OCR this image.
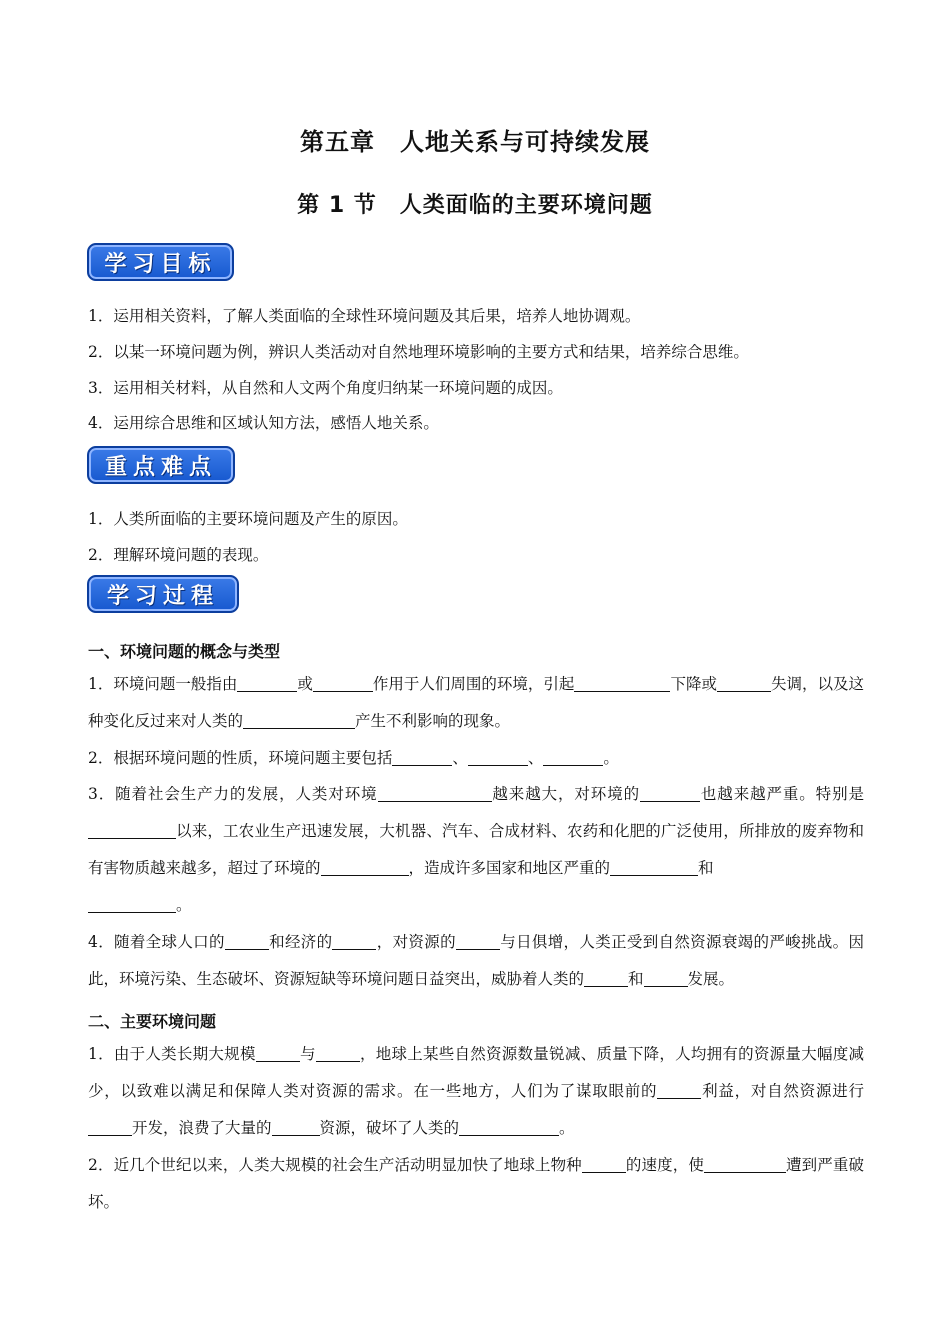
第五章　人地关系与可持续发展
第 1 节　人类面临的主要环境问题
学习目标
1．运用相关资料，了解人类面临的全球性环境问题及其后果，培养人地协调观。
2．以某一环境问题为例，辨识人类活动对自然地理环境影响的主要方式和结果，培养综合思维。
3．运用相关材料，从自然和人文两个角度归纳某一环境问题的成因。
4．运用综合思维和区域认知方法，感悟人地关系。
重点难点
1．人类所面临的主要环境问题及产生的原因。
2．理解环境问题的表现。
学习过程
一、环境问题的概念与类型
1．环境问题一般指由	或	作用于人们周围的环境，引起	下降或	失调，以及这种变化反过来对人类的	产生不利影响的现象。
2．根据环境问题的性质，环境问题主要包括	、	、	。
3．随着社会生产力的发展，人类对环境	越来越大，对环境的	也越来越严重。特别是以来，工农业生产迅速发展，大机器、汽车、合成材料、农药和化肥的广泛使用，所排放的废弃物和有害物质越来越多，超过了环境的	，造成许多国家和地区严重的	和
。
4．随着全球人口的	和经济的	，对资源的	与日俱增，人类正受到自然资源衰竭的严峻挑战。因此，环境污染、生态破坏、资源短缺等环境问题日益突出，威胁着人类的	和	发展。
二、主要环境问题
1．由于人类长期大规模	与	，地球上某些自然资源数量锐减、质量下降，人均拥有的资源量大幅度减少，以致难以满足和保障人类对资源的需求。在一些地方，人们为了谋取眼前的	利益，对自然资源进行开发，浪费了大量的	资源，破坏了人类的	。
2．近几个世纪以来，人类大规模的社会生产活动明显加快了地球上物种	的速度，使	遭到严重破坏。
